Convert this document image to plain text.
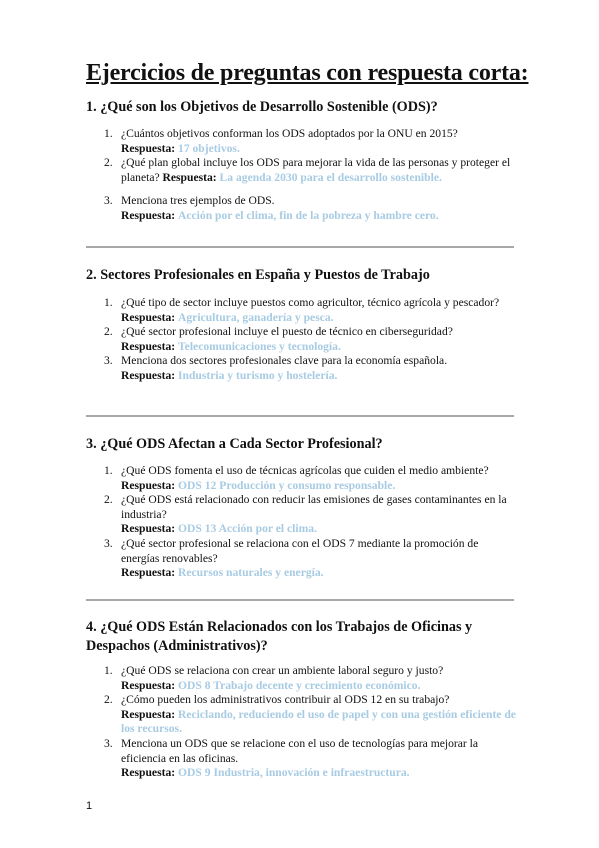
Ejercicios de preguntas con respuesta corta:
1. ¿Qué son los Objetivos de Desarrollo Sostenible (ODS)?
1. ¿Cuántos objetivos conforman los ODS adoptados por la ONU en 2015?
Respuesta: 17 objetivos.
2. ¿Qué plan global incluye los ODS para mejorar la vida de las personas y proteger el planeta? Respuesta: La agenda 2030 para el desarrollo sostenible.
3. Menciona tres ejemplos de ODS.
Respuesta: Acción por el clima, fin de la pobreza y hambre cero.
2. Sectores Profesionales en España y Puestos de Trabajo
1. ¿Qué tipo de sector incluye puestos como agricultor, técnico agrícola y pescador?
Respuesta: Agricultura, ganadería y pesca.
2. ¿Qué sector profesional incluye el puesto de técnico en ciberseguridad?
Respuesta: Telecomunicaciones y tecnología.
3. Menciona dos sectores profesionales clave para la economía española.
Respuesta: Industria y turismo y hostelería.
3. ¿Qué ODS Afectan a Cada Sector Profesional?
1. ¿Qué ODS fomenta el uso de técnicas agrícolas que cuiden el medio ambiente?
Respuesta: ODS 12 Producción y consumo responsable.
2. ¿Qué ODS está relacionado con reducir las emisiones de gases contaminantes en la industria?
Respuesta: ODS 13 Acción por el clima.
3. ¿Qué sector profesional se relaciona con el ODS 7 mediante la promoción de energías renovables?
Respuesta: Recursos naturales y energía.
4. ¿Qué ODS Están Relacionados con los Trabajos de Oficinas y Despachos (Administrativos)?
1. ¿Qué ODS se relaciona con crear un ambiente laboral seguro y justo?
Respuesta: ODS 8 Trabajo decente y crecimiento económico.
2. ¿Cómo pueden los administrativos contribuir al ODS 12 en su trabajo?
Respuesta: Reciclando, reduciendo el uso de papel y con una gestión eficiente de los recursos.
3. Menciona un ODS que se relacione con el uso de tecnologías para mejorar la eficiencia en las oficinas.
Respuesta: ODS 9 Industria, innovación e infraestructura.
1
